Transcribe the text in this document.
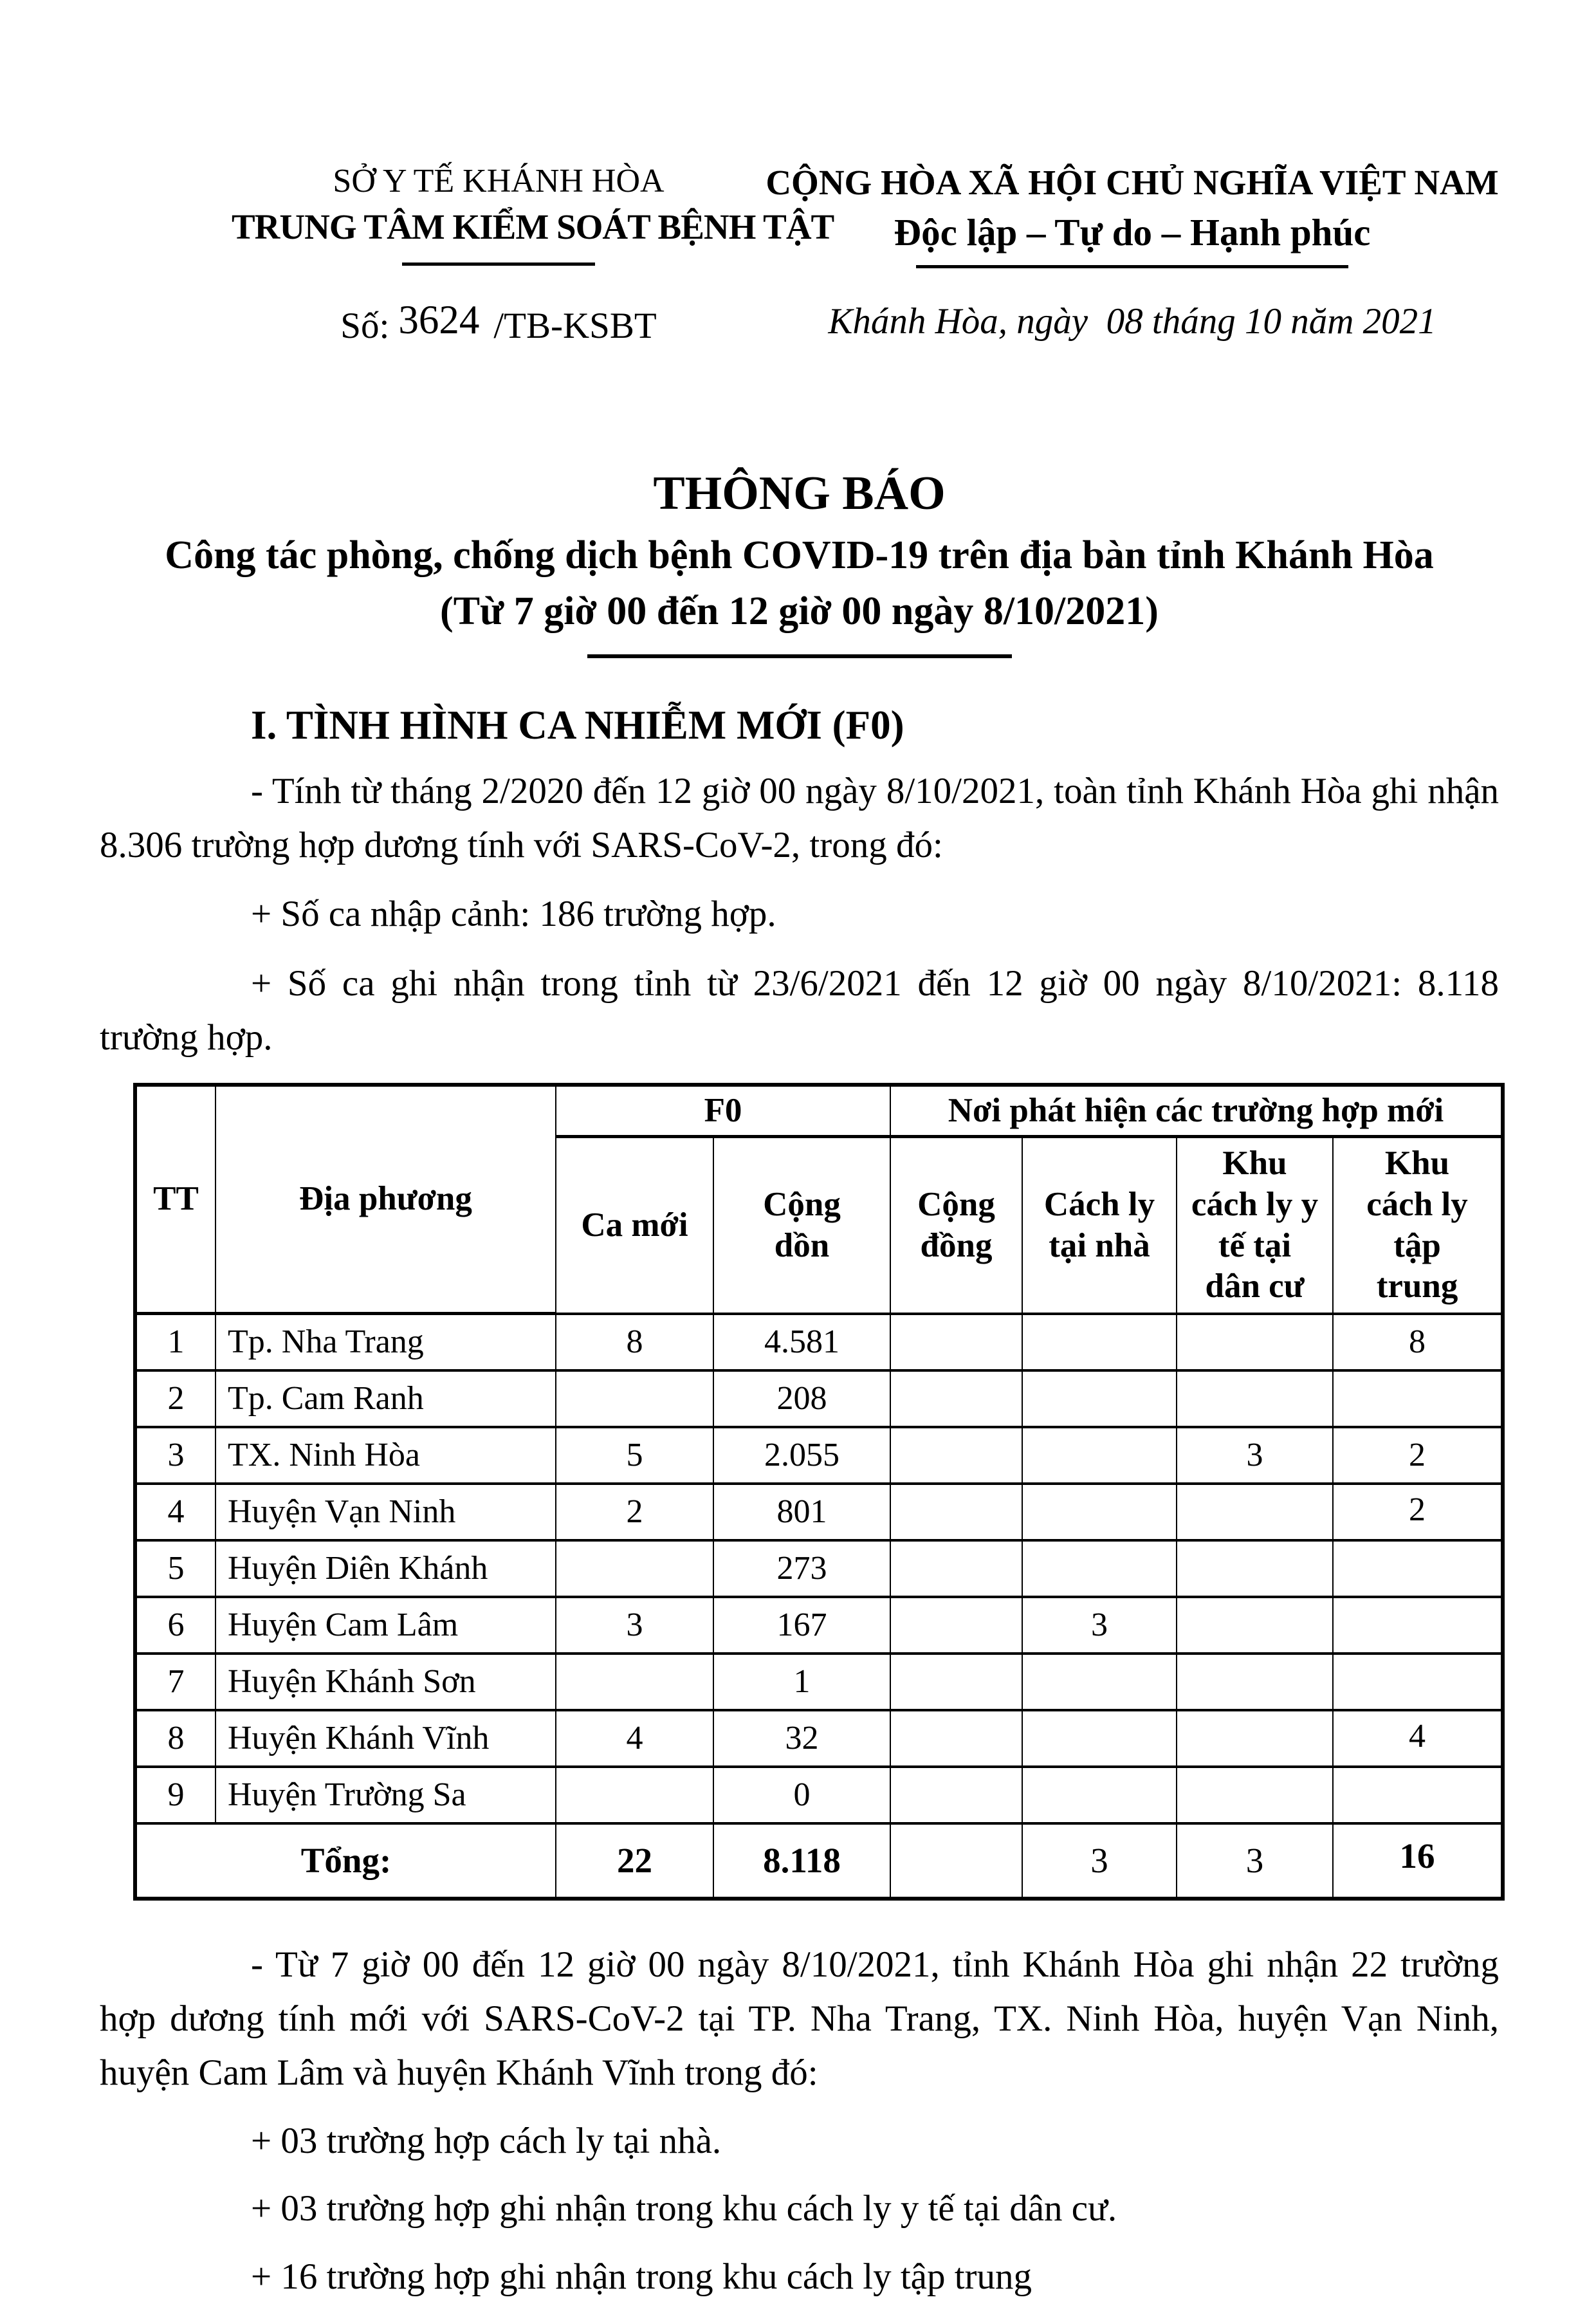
SỞ Y TẾ KHÁNH HÒA
TRUNG TÂM KIỂM SOÁT BỆNH TẬT
Số: 3624 /TB-KSBT
CỘNG HÒA XÃ HỘI CHỦ NGHĨA VIỆT NAM
Độc lập – Tự do – Hạnh phúc
Khánh Hòa, ngày  08 tháng 10 năm 2021
THÔNG BÁO
Công tác phòng, chống dịch bệnh COVID-19 trên địa bàn tỉnh Khánh Hòa
(Từ 7 giờ 00 đến 12 giờ 00 ngày 8/10/2021)
I. TÌNH HÌNH CA NHIỄM MỚI (F0)

- Tính từ tháng 2/2020 đến 12 giờ 00 ngày 8/10/2021, toàn tỉnh Khánh Hòa ghi nhận 8.306 trường hợp dương tính với SARS-CoV-2, trong đó:

+ Số ca nhập cảnh: 186 trường hợp.

+ Số ca ghi nhận trong tỉnh từ 23/6/2021 đến 12 giờ 00 ngày 8/10/2021: 8.118 trường hợp.

TT	Địa phương	F0		Nơi phát hiện các trường hợp mới			
		Ca mới	Cộng dồn	Cộng đồng	Cách ly tại nhà	Khu cách ly y tế tại dân cư	Khu cách ly tập trung
1	Tp. Nha Trang	8	4.581				8
2	Tp. Cam Ranh		208				
3	TX. Ninh Hòa	5	2.055			3	2
4	Huyện Vạn Ninh	2	801				2
5	Huyện Diên Khánh		273				
6	Huyện Cam Lâm	3	167		3		
7	Huyện Khánh Sơn		1				
8	Huyện Khánh Vĩnh	4	32				4
9	Huyện Trường Sa		0				
Tổng:		22	8.118		3	3	16

- Từ 7 giờ 00 đến 12 giờ 00 ngày 8/10/2021, tỉnh Khánh Hòa ghi nhận 22 trường hợp dương tính mới với SARS-CoV-2 tại TP. Nha Trang, TX. Ninh Hòa, huyện Vạn Ninh, huyện Cam Lâm và huyện Khánh Vĩnh trong đó:

+ 03 trường hợp cách ly tại nhà.

+ 03 trường hợp ghi nhận trong khu cách ly y tế tại dân cư.

+ 16 trường hợp ghi nhận trong khu cách ly tập trung
